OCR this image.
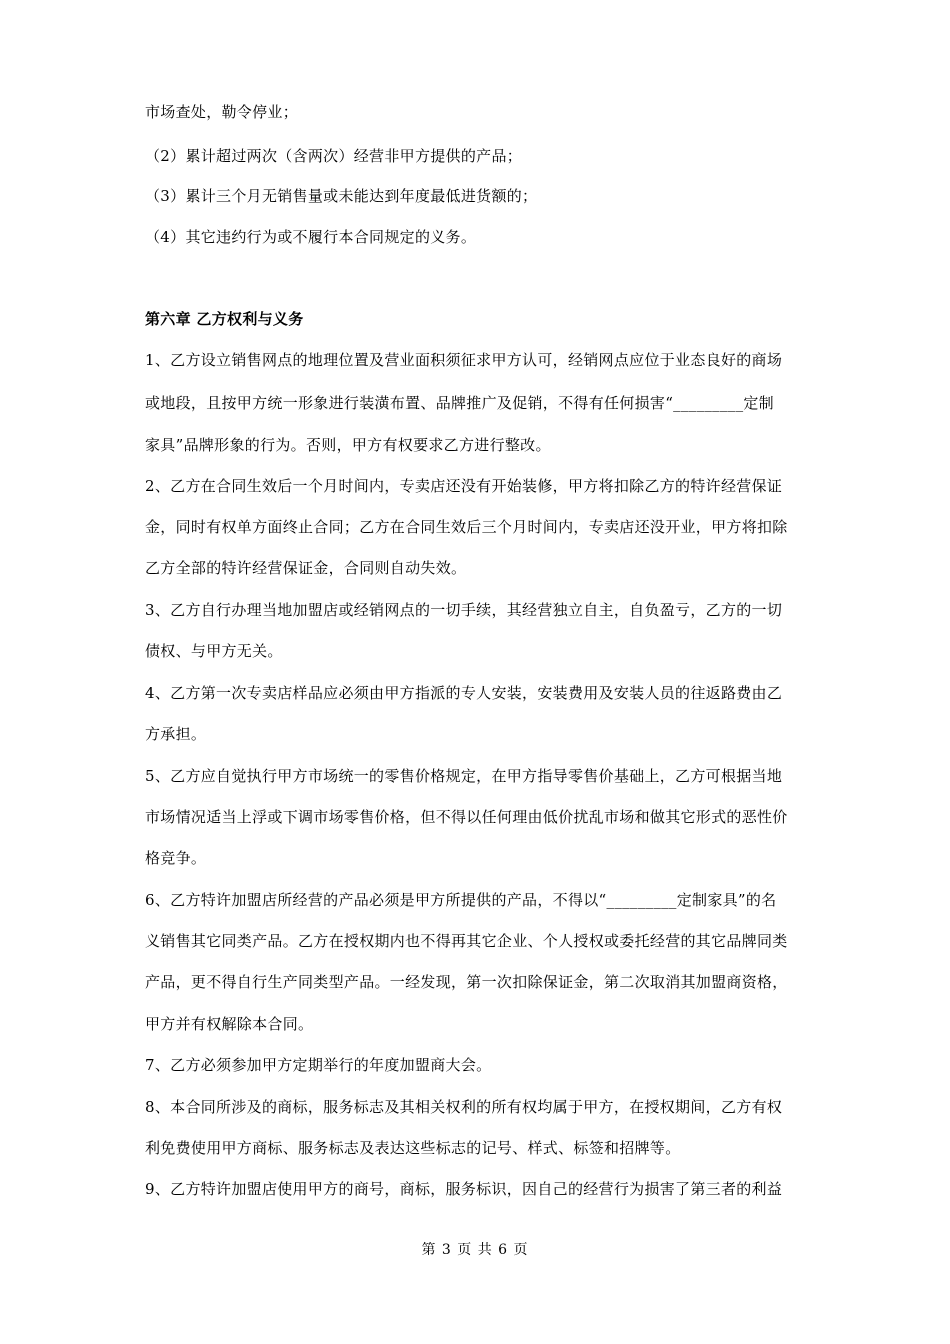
市场查处，勒令停业；
（2）累计超过两次（含两次）经营非甲方提供的产品；
（3）累计三个月无销售量或未能达到年度最低进货额的；
（4）其它违约行为或不履行本合同规定的义务。
第六章 乙方权利与义务
1、乙方设立销售网点的地理位置及营业面积须征求甲方认可，经销网点应位于业态良好的商场
或地段，且按甲方统一形象进行装潢布置、品牌推广及促销，不得有任何损害“_________定制
家具”品牌形象的行为。否则，甲方有权要求乙方进行整改。
2、乙方在合同生效后一个月时间内，专卖店还没有开始装修，甲方将扣除乙方的特许经营保证
金，同时有权单方面终止合同；乙方在合同生效后三个月时间内，专卖店还没开业，甲方将扣除
乙方全部的特许经营保证金，合同则自动失效。
3、乙方自行办理当地加盟店或经销网点的一切手续，其经营独立自主，自负盈亏，乙方的一切
债权、与甲方无关。
4、乙方第一次专卖店样品应必须由甲方指派的专人安装，安装费用及安装人员的往返路费由乙
方承担。
5、乙方应自觉执行甲方市场统一的零售价格规定，在甲方指导零售价基础上，乙方可根据当地
市场情况适当上浮或下调市场零售价格，但不得以任何理由低价扰乱市场和做其它形式的恶性价
格竞争。
6、乙方特许加盟店所经营的产品必须是甲方所提供的产品，不得以“_________定制家具”的名
义销售其它同类产品。乙方在授权期内也不得再其它企业、个人授权或委托经营的其它品牌同类
产品，更不得自行生产同类型产品。一经发现，第一次扣除保证金，第二次取消其加盟商资格，
甲方并有权解除本合同。
7、乙方必须参加甲方定期举行的年度加盟商大会。
8、本合同所涉及的商标，服务标志及其相关权利的所有权均属于甲方，在授权期间，乙方有权
利免费使用甲方商标、服务标志及表达这些标志的记号、样式、标签和招牌等。
9、乙方特许加盟店使用甲方的商号，商标，服务标识，因自己的经营行为损害了第三者的利益
第 3 页 共 6 页
